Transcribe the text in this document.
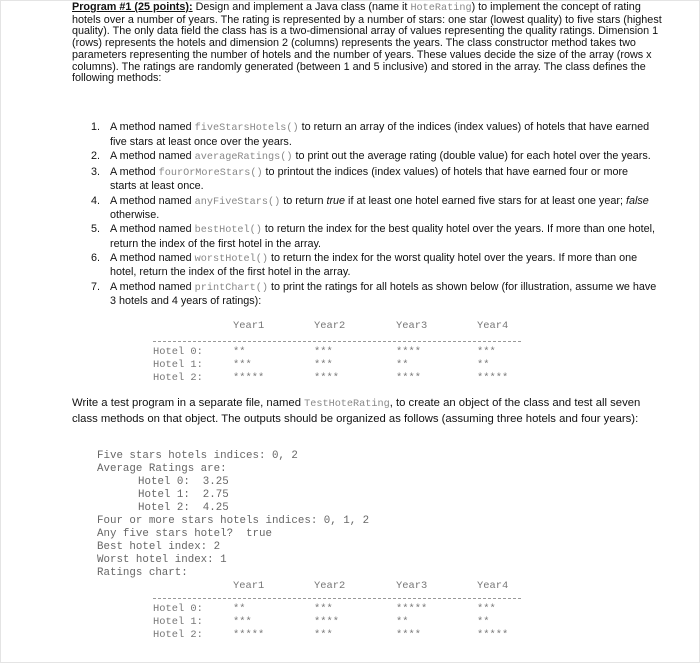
Program #1 (25 points): Design and implement a Java class (name it HoteRating) to implement the concept of rating hotels over a number of years. The rating is represented by a number of stars: one star (lowest quality) to five stars (highest quality). The only data field the class has is a two-dimensional array of values representing the quality ratings. Dimension 1 (rows) represents the hotels and dimension 2 (columns) represents the years. The class constructor method takes two parameters representing the number of hotels and the number of years. These values decide the size of the array (rows x columns). The ratings are randomly generated (between 1 and 5 inclusive) and stored in the array. The class defines the following methods:
1. A method named fiveStarsHotels() to return an array of the indices (index values) of hotels that have earned five stars at least once over the years.
2. A method named averageRatings() to print out the average rating (double value) for each hotel over the years.
3. A method fourOrMoreStars() to printout the indices (index values) of hotels that have earned four or more starts at least once.
4. A method named anyFiveStars() to return true if at least one hotel earned five stars for at least one year; false otherwise.
5. A method named bestHotel() to return the index for the best quality hotel over the years. If more than one hotel, return the index of the first hotel in the array.
6. A method named worstHotel() to return the index for the worst quality hotel over the years. If more than one hotel, return the index of the first hotel in the array.
7. A method named printChart() to print the ratings for all hotels as shown below (for illustration, assume we have 3 hotels and 4 years of ratings):
Year1	Year2	Year3	Year4
Hotel 0:	**	***	****	***
Hotel 1:	***	***	**	**
Hotel 2:	*****	****	****	*****
Write a test program in a separate file, named TestHoteRating, to create an object of the class and test all seven class methods on that object. The outputs should be organized as follows (assuming three hotels and four years):
Five stars hotels indices: 0, 2
Average Ratings are:
Hotel 0:  3.25
Hotel 1:  2.75
Hotel 2:  4.25
Four or more stars hotels indices: 0, 1, 2
Any five stars hotel?  true
Best hotel index: 2
Worst hotel index: 1
Ratings chart:
Year1	Year2	Year3	Year4
Hotel 0:	**	***	*****	***
Hotel 1:	***	****	**	**
Hotel 2:	*****	***	****	*****
